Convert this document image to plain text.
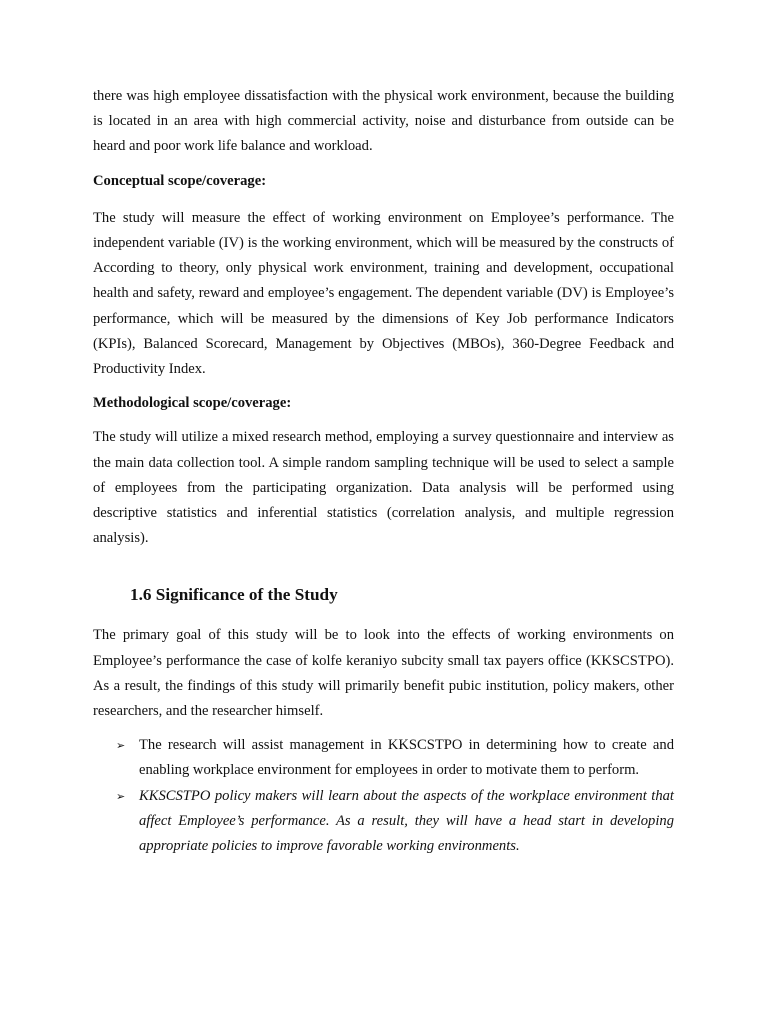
there was high employee dissatisfaction with the physical work environment, because the building is located in an area with high commercial activity, noise and disturbance from outside can be heard and poor work life balance and workload.

Conceptual scope/coverage:

The study will measure the effect of working environment on Employee’s performance. The independent variable (IV) is the working environment, which will be measured by the constructs of According to theory, only physical work environment, training and development, occupational health and safety, reward and employee’s engagement. The dependent variable (DV) is Employee’s performance, which will be measured by the dimensions of Key Job performance Indicators (KPIs), Balanced Scorecard, Management by Objectives (MBOs), 360-Degree Feedback and Productivity Index.

Methodological scope/coverage:

The study will utilize a mixed research method, employing a survey questionnaire and interview as the main data collection tool. A simple random sampling technique will be used to select a sample of employees from the participating organization. Data analysis will be performed using descriptive statistics and inferential statistics (correlation analysis, and multiple regression analysis).

1.6 Significance of the Study

The primary goal of this study will be to look into the effects of working environments on Employee’s performance the case of kolfe keraniyo subcity small tax payers office (KKSCSTPO). As a result, the findings of this study will primarily benefit pubic institution, policy makers, other researchers, and the researcher himself.

➢ The research will assist management in KKSCSTPO in determining how to create and enabling workplace environment for employees in order to motivate them to perform.
➢ KKSCSTPO policy makers will learn about the aspects of the workplace environment that affect Employee’s performance. As a result, they will have a head start in developing appropriate policies to improve favorable working environments.
